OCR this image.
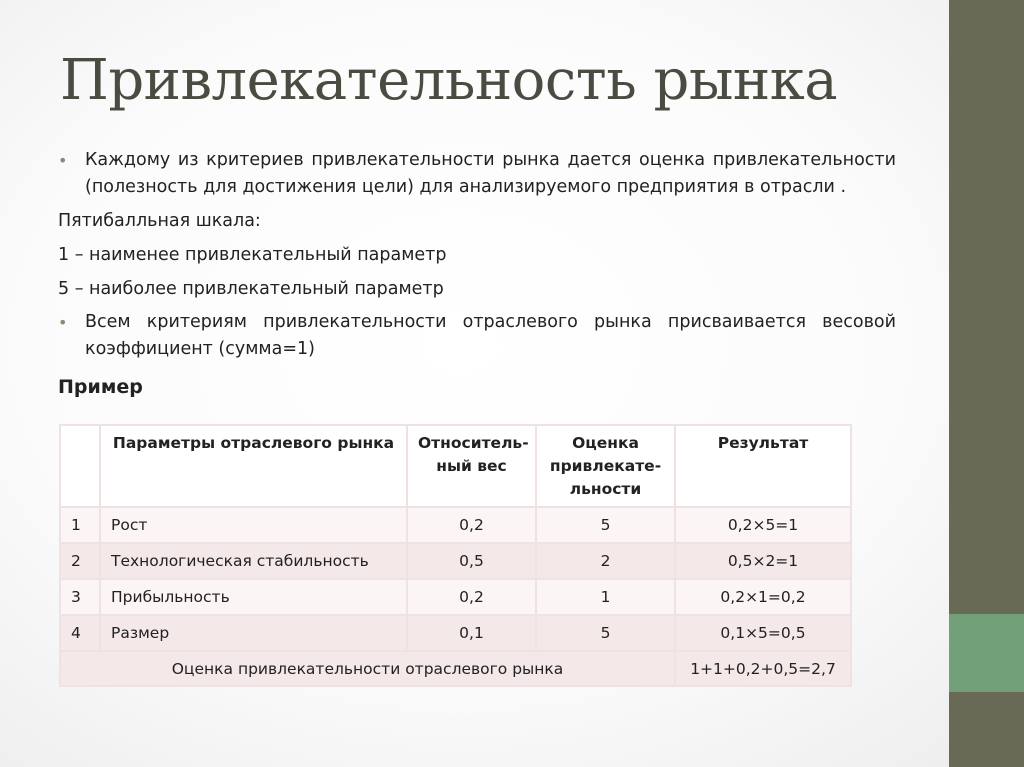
Привлекательность рынка
• Каждому из критериев привлекательности рынка дается оценка привлекательности (полезность для достижения цели) для анализируемого предприятия в отрасли .
Пятибалльная шкала:
1 – наименее привлекательный параметр
5 – наиболее привлекательный параметр
• Всем критериям привлекательности отраслевого рынка присваивается весовой коэффициент (сумма=1)
Пример
	Параметры отраслевого рынка	Относитель-ный вес	Оценка привлекате-льности	Результат
1	Рост	0,2	5	0,2×5=1
2	Технологическая стабильность	0,5	2	0,5×2=1
3	Прибыльность	0,2	1	0,2×1=0,2
4	Размер	0,1	5	0,1×5=0,5
Оценка привлекательности отраслевого рынка				1+1+0,2+0,5=2,7
